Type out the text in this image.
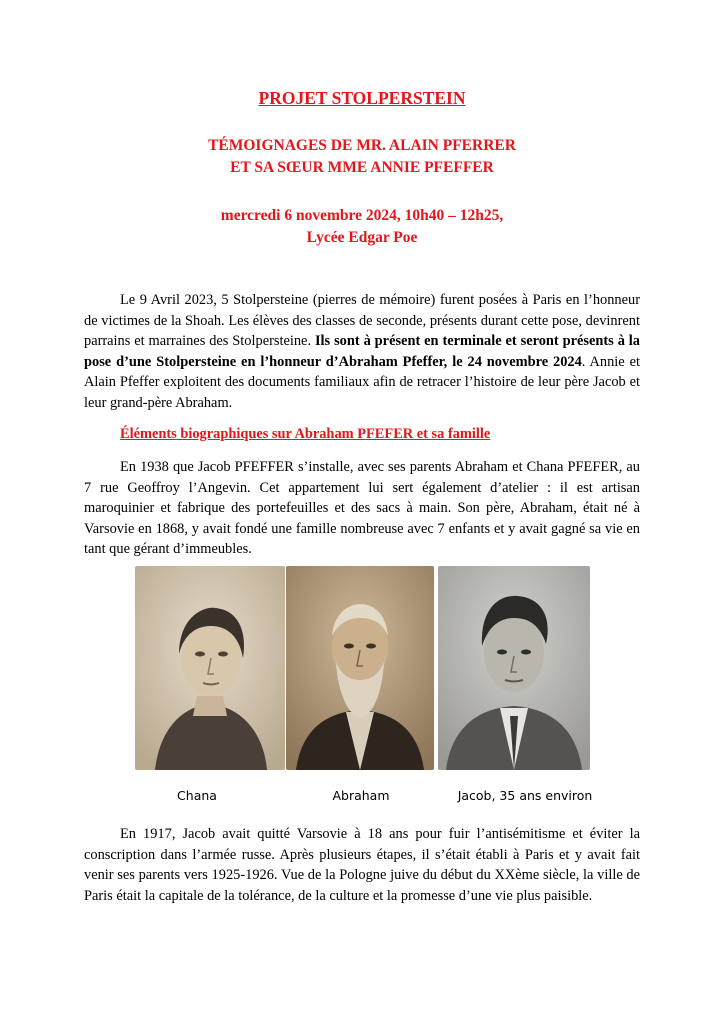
PROJET STOLPERSTEIN
TÉMOIGNAGES DE MR. ALAIN PFERRER
ET SA SŒUR MME ANNIE PFEFFER
mercredi 6 novembre 2024, 10h40 – 12h25,
Lycée Edgar Poe

Le 9 Avril 2023, 5 Stolpersteine (pierres de mémoire) furent posées à Paris en l’honneur de victimes de la Shoah. Les élèves des classes de seconde, présents durant cette pose, devinrent parrains et marraines des Stolpersteine. Ils sont à présent en terminale et seront présents à la pose d’une Stolpersteine en l’honneur d’Abraham Pfeffer, le 24 novembre 2024. Annie et Alain Pfeffer exploitent des documents familiaux afin de retracer l’histoire de leur père Jacob et leur grand-père Abraham.

Éléments biographiques sur Abraham PFEFER et sa famille

En 1938 que Jacob PFEFFER s’installe, avec ses parents Abraham et Chana PFEFER, au 7 rue Geoffroy l’Angevin. Cet appartement lui sert également d’atelier : il est artisan maroquinier et fabrique des portefeuilles et des sacs à main. Son père, Abraham, était né à Varsovie en 1868, y avait fondé une famille nombreuse avec 7 enfants et y avait gagné sa vie en tant que gérant d’immeubles.

Chana	Abraham	Jacob, 35 ans environ

En 1917, Jacob avait quitté Varsovie à 18 ans pour fuir l’antisémitisme et éviter la conscription dans l’armée russe. Après plusieurs étapes, il s’était établi à Paris et y avait fait venir ses parents vers 1925-1926. Vue de la Pologne juive du début du XXème siècle, la ville de Paris était la capitale de la tolérance, de la culture et la promesse d’une vie plus paisible.
